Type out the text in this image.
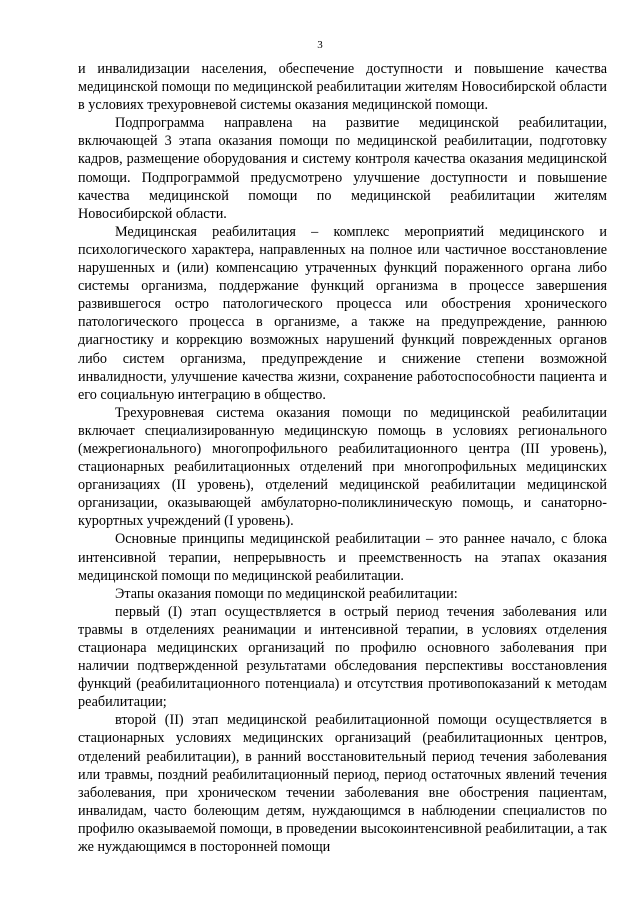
3

и инвалидизации населения, обеспечение доступности и повышение качества медицинской помощи по медицинской реабилитации жителям Новосибирской области в условиях трехуровневой системы оказания медицинской помощи.

Подпрограмма направлена на развитие медицинской реабилитации, включающей 3 этапа оказания помощи по медицинской реабилитации, подготовку кадров, размещение оборудования и систему контроля качества оказания медицинской помощи. Подпрограммой предусмотрено улучшение доступности и повышение качества медицинской помощи по медицинской реабилитации жителям Новосибирской области.

Медицинская реабилитация – комплекс мероприятий медицинского и психологического характера, направленных на полное или частичное восстановление нарушенных и (или) компенсацию утраченных функций пораженного органа либо системы организма, поддержание функций организма в процессе завершения развившегося остро патологического процесса или обострения хронического патологического процесса в организме, а также на предупреждение, раннюю диагностику и коррекцию возможных нарушений функций поврежденных органов либо систем организма, предупреждение и снижение степени возможной инвалидности, улучшение качества жизни, сохранение работоспособности пациента и его социальную интеграцию в общество.

Трехуровневая система оказания помощи по медицинской реабилитации включает специализированную медицинскую помощь в условиях регионального (межрегионального) многопрофильного реабилитационного центра (III уровень), стационарных реабилитационных отделений при многопрофильных медицинских организациях (II уровень), отделений медицинской реабилитации медицинской организации, оказывающей амбулаторно-поликлиническую помощь, и санаторно-курортных учреждений (I уровень).

Основные принципы медицинской реабилитации – это раннее начало, с блока интенсивной терапии, непрерывность и преемственность на этапах оказания медицинской помощи по медицинской реабилитации.

Этапы оказания помощи по медицинской реабилитации:

первый (I) этап осуществляется в острый период течения заболевания или травмы в отделениях реанимации и интенсивной терапии, в условиях отделения стационара медицинских организаций по профилю основного заболевания при наличии подтвержденной результатами обследования перспективы восстановления функций (реабилитационного потенциала) и отсутствия противопоказаний к методам реабилитации;

второй (II) этап медицинской реабилитационной помощи осуществляется в стационарных условиях медицинских организаций (реабилитационных центров, отделений реабилитации), в ранний восстановительный период течения заболевания или травмы, поздний реабилитационный период, период остаточных явлений течения заболевания, при хроническом течении заболевания вне обострения пациентам, инвалидам, часто болеющим детям, нуждающимся в наблюдении специалистов по профилю оказываемой помощи, в проведении высокоинтенсивной реабилитации, а так же нуждающимся в посторонней помощи
